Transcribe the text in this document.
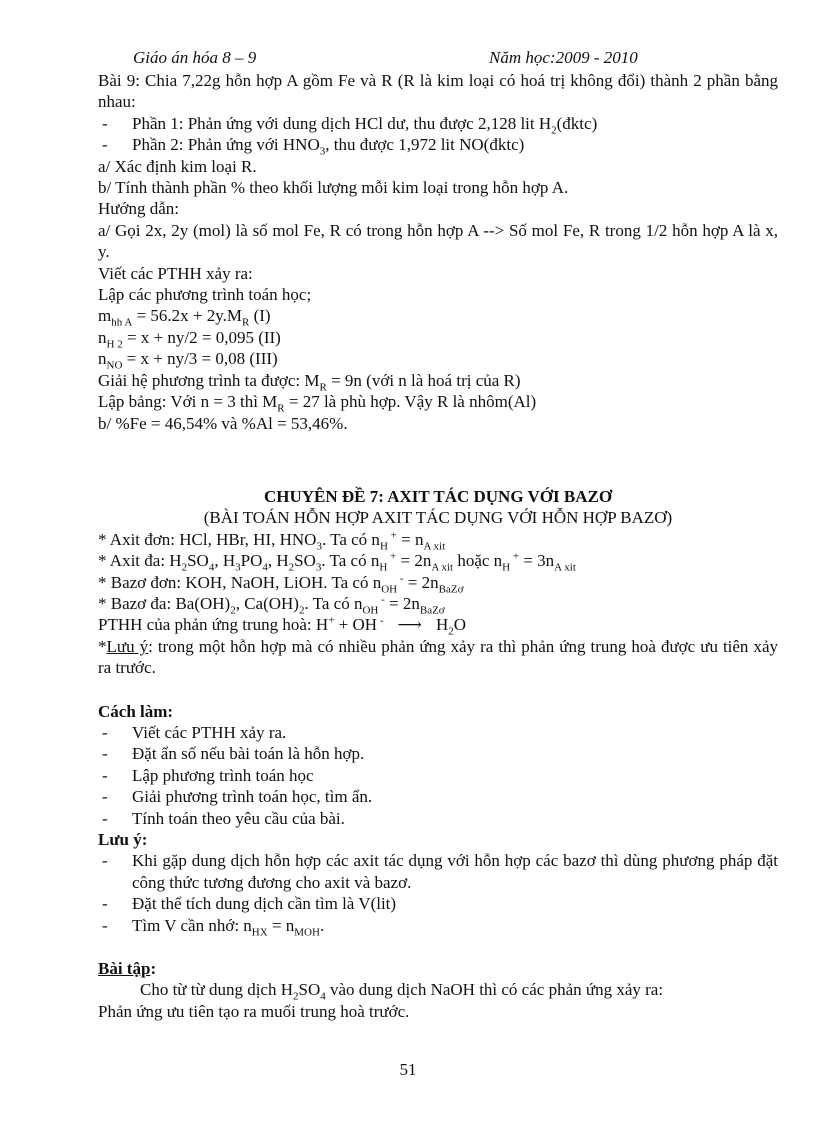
Giáo án hóa 8 – 9	Năm học:2009 - 2010
Bài 9: Chia 7,22g hỗn hợp A gồm Fe và R (R là kim loại có hoá trị không đổi) thành 2 phần bằng nhau:
- Phần 1: Phản ứng với dung dịch HCl dư, thu được 2,128 lit $H_2(đktc)$
- Phần 2: Phản ứng với $HNO_3$, thu được 1,972 lit NO(đktc)
a/ Xác định kim loại R.
b/ Tính thành phần % theo khối lượng mỗi kim loại trong hỗn hợp A.
Hướng dẫn:
a/ Gọi 2x, 2y (mol) là số mol Fe, R có trong hỗn hợp A --> Số mol Fe, R trong 1/2 hỗn hợp A là x, y.
Viết các PTHH xảy ra:
Lập các phương trình toán học;
$m_{hh A} = 56.2x + 2y.M_R$ (I)
$n_{H 2} = x + ny/2 = 0,095$ (II)
$n_{NO} = x + ny/3 = 0,08$ (III)
Giải hệ phương trình ta được: $M_R = 9n$ (với n là hoá trị của R)
Lập bảng: Với n = 3 thì $M_R = 27$ là phù hợp. Vậy R là nhôm(Al)
b/ %Fe = 46,54% và %Al = 53,46%.
CHUYÊN ĐỀ 7: AXIT TÁC DỤNG VỚI BAZƠ
(BÀI TOÁN HỖN HỢP AXIT TÁC DỤNG VỚI HỖN HỢP BAZƠ)
* Axit đơn: HCl, HBr, HI, $HNO_3$. Ta có $n_H$ $^+ = n_{A xit}$
* Axit đa: $H_2SO_4$, $H_3PO_4$, $H_2SO_3$. Ta có $n_H$ $^+ = 2n_{A xit}$ hoặc $n_H$ $^+ = 3n_{A xit}$
* Bazơ đơn: KOH, NaOH, LiOH. Ta có $n_{OH}$ $^- = 2n_{BaZơ}$
* Bazơ đa: $Ba(OH)_2$, $Ca(OH)_2$. Ta có $n_{OH}$ $^- = 2n_{BaZơ}$
PTHH của phản ứng trung hoà: H+ + OH - ⟶ $H_2O$
*Lưu ý: trong một hỗn hợp mà có nhiều phản ứng xảy ra thì phản ứng trung hoà được ưu tiên xảy ra trước.
Cách làm:
- Viết các PTHH xảy ra.
- Đặt ẩn số nếu bài toán là hỗn hợp.
- Lập phương trình toán học
- Giải phương trình toán học, tìm ẩn.
- Tính toán theo yêu cầu của bài.
Lưu ý:
- Khi gặp dung dịch hỗn hợp các axit tác dụng với hỗn hợp các bazơ thì dùng phương pháp đặt công thức tương đương cho axit và bazơ.
- Đặt thể tích dung dịch cần tìm là V(lit)
- Tìm V cần nhớ: $n_{HX} = n_{MOH}$.
Bài tập:
Cho từ từ dung dịch $H_2SO_4$ vào dung dịch NaOH thì có các phản ứng xảy ra:
Phản ứng ưu tiên tạo ra muối trung hoà trước.
51
